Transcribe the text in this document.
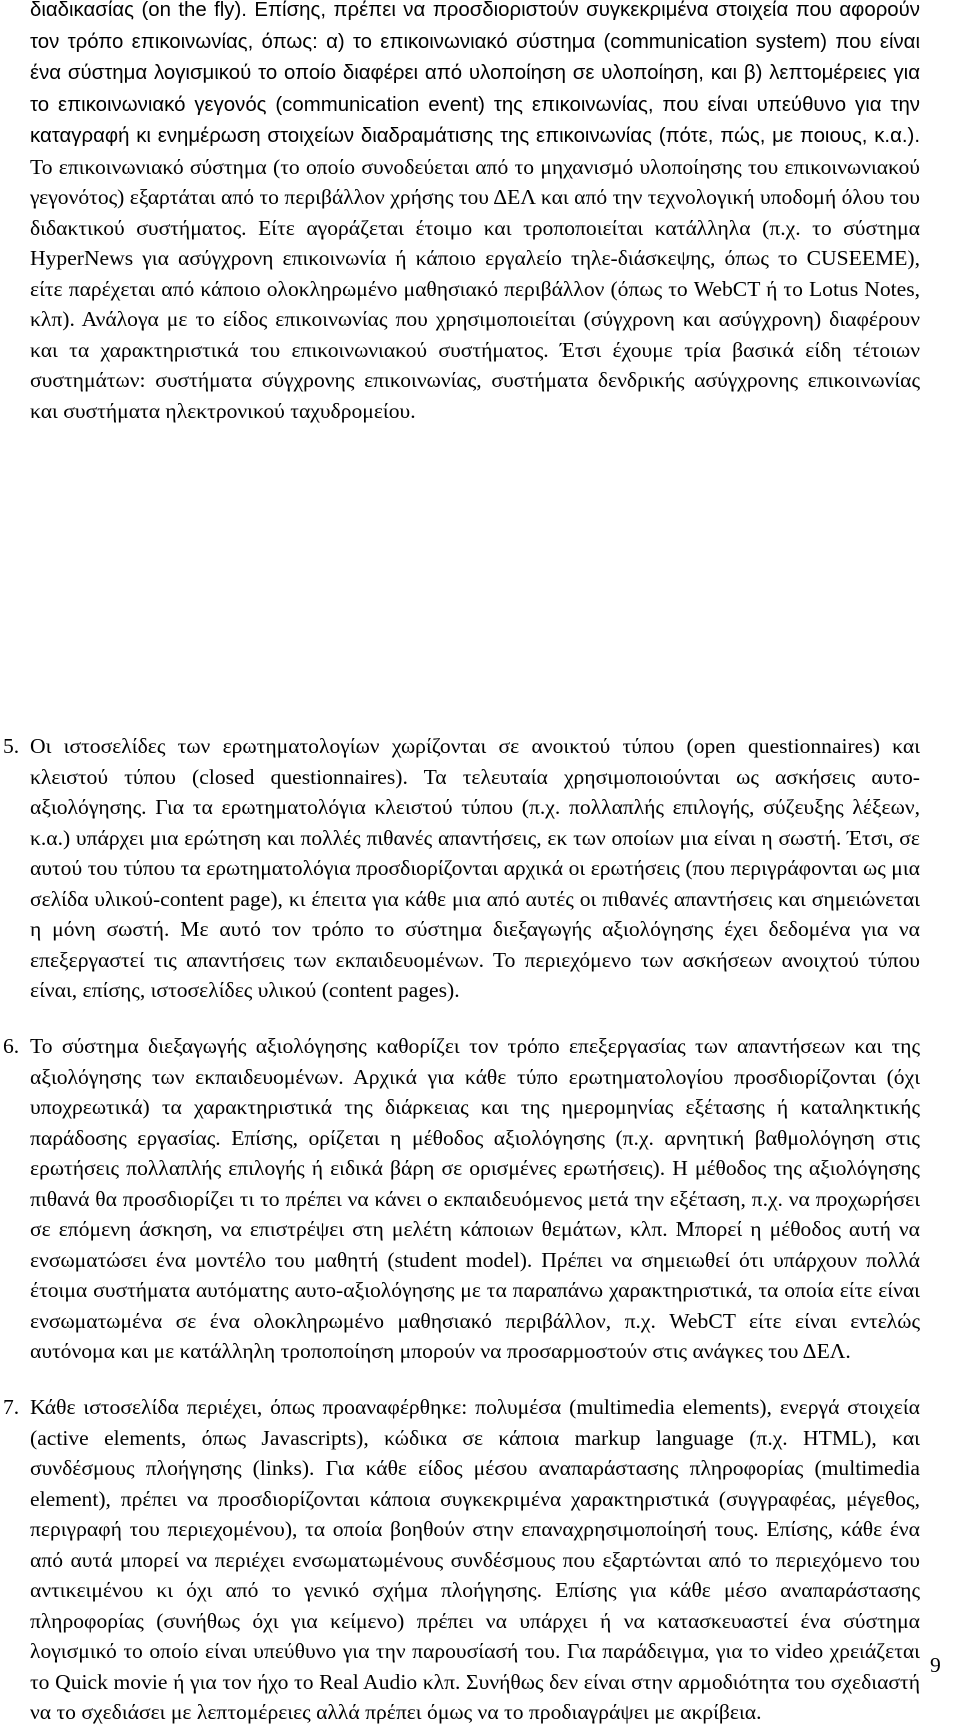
διαδικασίας (on the fly). Επίσης, πρέπει να προσδιοριστούν συγκεκριμένα στοιχεία που αφορούν τον τρόπο επικοινωνίας, όπως: α) το επικοινωνιακό σύστημα (communication system) που είναι ένα σύστημα λογισμικού το οποίο διαφέρει από υλοποίηση σε υλοποίηση, και β) λεπτομέρειες για το επικοινωνιακό γεγονός (communication event) της επικοινωνίας, που είναι υπεύθυνο για την καταγραφή κι ενημέρωση στοιχείων διαδραμάτισης της επικοινωνίας (πότε, πώς, με ποιους, κ.α.). Το επικοινωνιακό σύστημα (το οποίο συνοδεύεται από το μηχανισμό υλοποίησης του επικοινωνιακού γεγονότος) εξαρτάται από το περιβάλλον χρήσης του ΔΕΛ και από την τεχνολογική υποδομή όλου του διδακτικού συστήματος. Είτε αγοράζεται έτοιμο και τροποποιείται κατάλληλα (π.χ. το σύστημα HyperNews για ασύγχρονη επικοινωνία ή κάποιο εργαλείο τηλε-διάσκεψης, όπως το CUSEEME), είτε παρέχεται από κάποιο ολοκληρωμένο μαθησιακό περιβάλλον (όπως το WebCT ή το Lotus Notes, κλπ). Ανάλογα με το είδος επικοινωνίας που χρησιμοποιείται (σύγχρονη και ασύγχρονη) διαφέρουν και τα χαρακτηριστικά του επικοινωνιακού συστήματος. Έτσι έχουμε τρία βασικά είδη τέτοιων συστημάτων: συστήματα σύγχρονης επικοινωνίας, συστήματα δενδρικής ασύγχρονης επικοινωνίας και συστήματα ηλεκτρονικού ταχυδρομείου.

5. Οι ιστοσελίδες των ερωτηματολογίων χωρίζονται σε ανοικτού τύπου (open questionnaires) και κλειστού τύπου (closed questionnaires). Τα τελευταία χρησιμοποιούνται ως ασκήσεις αυτο-αξιολόγησης. Για τα ερωτηματολόγια κλειστού τύπου (π.χ. πολλαπλής επιλογής, σύζευξης λέξεων, κ.α.) υπάρχει μια ερώτηση και πολλές πιθανές απαντήσεις, εκ των οποίων μια είναι η σωστή. Έτσι, σε αυτού του τύπου τα ερωτηματολόγια προσδιορίζονται αρχικά οι ερωτήσεις (που περιγράφονται ως μια σελίδα υλικού-content page), κι έπειτα για κάθε μια από αυτές οι πιθανές απαντήσεις και σημειώνεται η μόνη σωστή. Με αυτό τον τρόπο το σύστημα διεξαγωγής αξιολόγησης έχει δεδομένα για να επεξεργαστεί τις απαντήσεις των εκπαιδευομένων. Το περιεχόμενο των ασκήσεων ανοιχτού τύπου είναι, επίσης, ιστοσελίδες υλικού (content pages).

6. Το σύστημα διεξαγωγής αξιολόγησης καθορίζει τον τρόπο επεξεργασίας των απαντήσεων και της αξιολόγησης των εκπαιδευομένων. Αρχικά για κάθε τύπο ερωτηματολογίου προσδιορίζονται (όχι υποχρεωτικά) τα χαρακτηριστικά της διάρκειας και της ημερομηνίας εξέτασης ή καταληκτικής παράδοσης εργασίας. Επίσης, ορίζεται η μέθοδος αξιολόγησης (π.χ. αρνητική βαθμολόγηση στις ερωτήσεις πολλαπλής επιλογής ή ειδικά βάρη σε ορισμένες ερωτήσεις). Η μέθοδος της αξιολόγησης πιθανά θα προσδιορίζει τι το πρέπει να κάνει ο εκπαιδευόμενος μετά την εξέταση, π.χ. να προχωρήσει σε επόμενη άσκηση, να επιστρέψει στη μελέτη κάποιων θεμάτων, κλπ. Μπορεί η μέθοδος αυτή να ενσωματώσει ένα μοντέλο του μαθητή (student model). Πρέπει να σημειωθεί ότι υπάρχουν πολλά έτοιμα συστήματα αυτόματης αυτο-αξιολόγησης με τα παραπάνω χαρακτηριστικά, τα οποία είτε είναι ενσωματωμένα σε ένα ολοκληρωμένο μαθησιακό περιβάλλον, π.χ. WebCT είτε είναι εντελώς αυτόνομα και με κατάλληλη τροποποίηση μπορούν να προσαρμοστούν στις ανάγκες του ΔΕΛ.

7. Κάθε ιστοσελίδα περιέχει, όπως προαναφέρθηκε: πολυμέσα (multimedia elements), ενεργά στοιχεία (active elements, όπως Javascripts), κώδικα σε κάποια markup language (π.χ. HTML), και συνδέσμους πλοήγησης (links). Για κάθε είδος μέσου αναπαράστασης πληροφορίας (multimedia element), πρέπει να προσδιορίζονται κάποια συγκεκριμένα χαρακτηριστικά (συγγραφέας, μέγεθος, περιγραφή του περιεχομένου), τα οποία βοηθούν στην επαναχρησιμοποίησή τους. Επίσης, κάθε ένα από αυτά μπορεί να περιέχει ενσωματωμένους συνδέσμους που εξαρτώνται από το περιεχόμενο του αντικειμένου κι όχι από το γενικό σχήμα πλοήγησης. Επίσης για κάθε μέσο αναπαράστασης πληροφορίας (συνήθως όχι για κείμενο) πρέπει να υπάρχει ή να κατασκευαστεί ένα σύστημα λογισμικό το οποίο είναι υπεύθυνο για την παρουσίασή του. Για παράδειγμα, για το video χρειάζεται το Quick movie ή για τον ήχο το Real Audio κλπ. Συνήθως δεν είναι στην αρμοδιότητα του σχεδιαστή να το σχεδιάσει με λεπτομέρειες αλλά πρέπει όμως να το προδιαγράψει με ακρίβεια.

9
